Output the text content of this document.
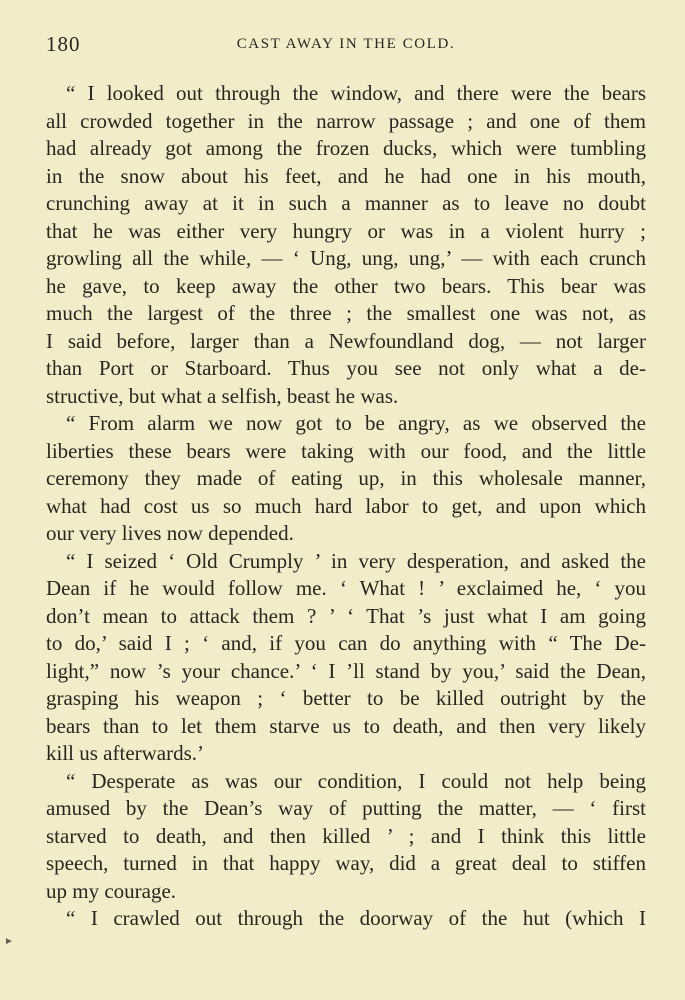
180	CAST AWAY IN THE COLD.
“ I looked out through the window, and there were the bears
all crowded together in the narrow passage ; and one of them
had already got among the frozen ducks, which were tumbling
in the snow about his feet, and he had one in his mouth,
crunching away at it in such a manner as to leave no doubt
that he was either very hungry or was in a violent hurry ;
growling all the while, — ‘ Ung, ung, ung,’ — with each crunch
he gave, to keep away the other two bears. This bear was
much the largest of the three ; the smallest one was not, as
I said before, larger than a Newfoundland dog, — not larger
than Port or Starboard. Thus you see not only what a de-
structive, but what a selfish, beast he was.
“ From alarm we now got to be angry, as we observed the
liberties these bears were taking with our food, and the little
ceremony they made of eating up, in this wholesale manner,
what had cost us so much hard labor to get, and upon which
our very lives now depended.
“ I seized ‘ Old Crumply ’ in very desperation, and asked the
Dean if he would follow me. ‘ What ! ’ exclaimed he, ‘ you
don’t mean to attack them ? ’ ‘ That ’s just what I am going
to do,’ said I ; ‘ and, if you can do anything with “ The De-
light,” now ’s your chance.’ ‘ I ’ll stand by you,’ said the Dean,
grasping his weapon ; ‘ better to be killed outright by the
bears than to let them starve us to death, and then very likely
kill us afterwards.’
“ Desperate as was our condition, I could not help being
amused by the Dean’s way of putting the matter, — ‘ first
starved to death, and then killed ’ ; and I think this little
speech, turned in that happy way, did a great deal to stiffen
up my courage.
“ I crawled out through the doorway of the hut (which I
►
